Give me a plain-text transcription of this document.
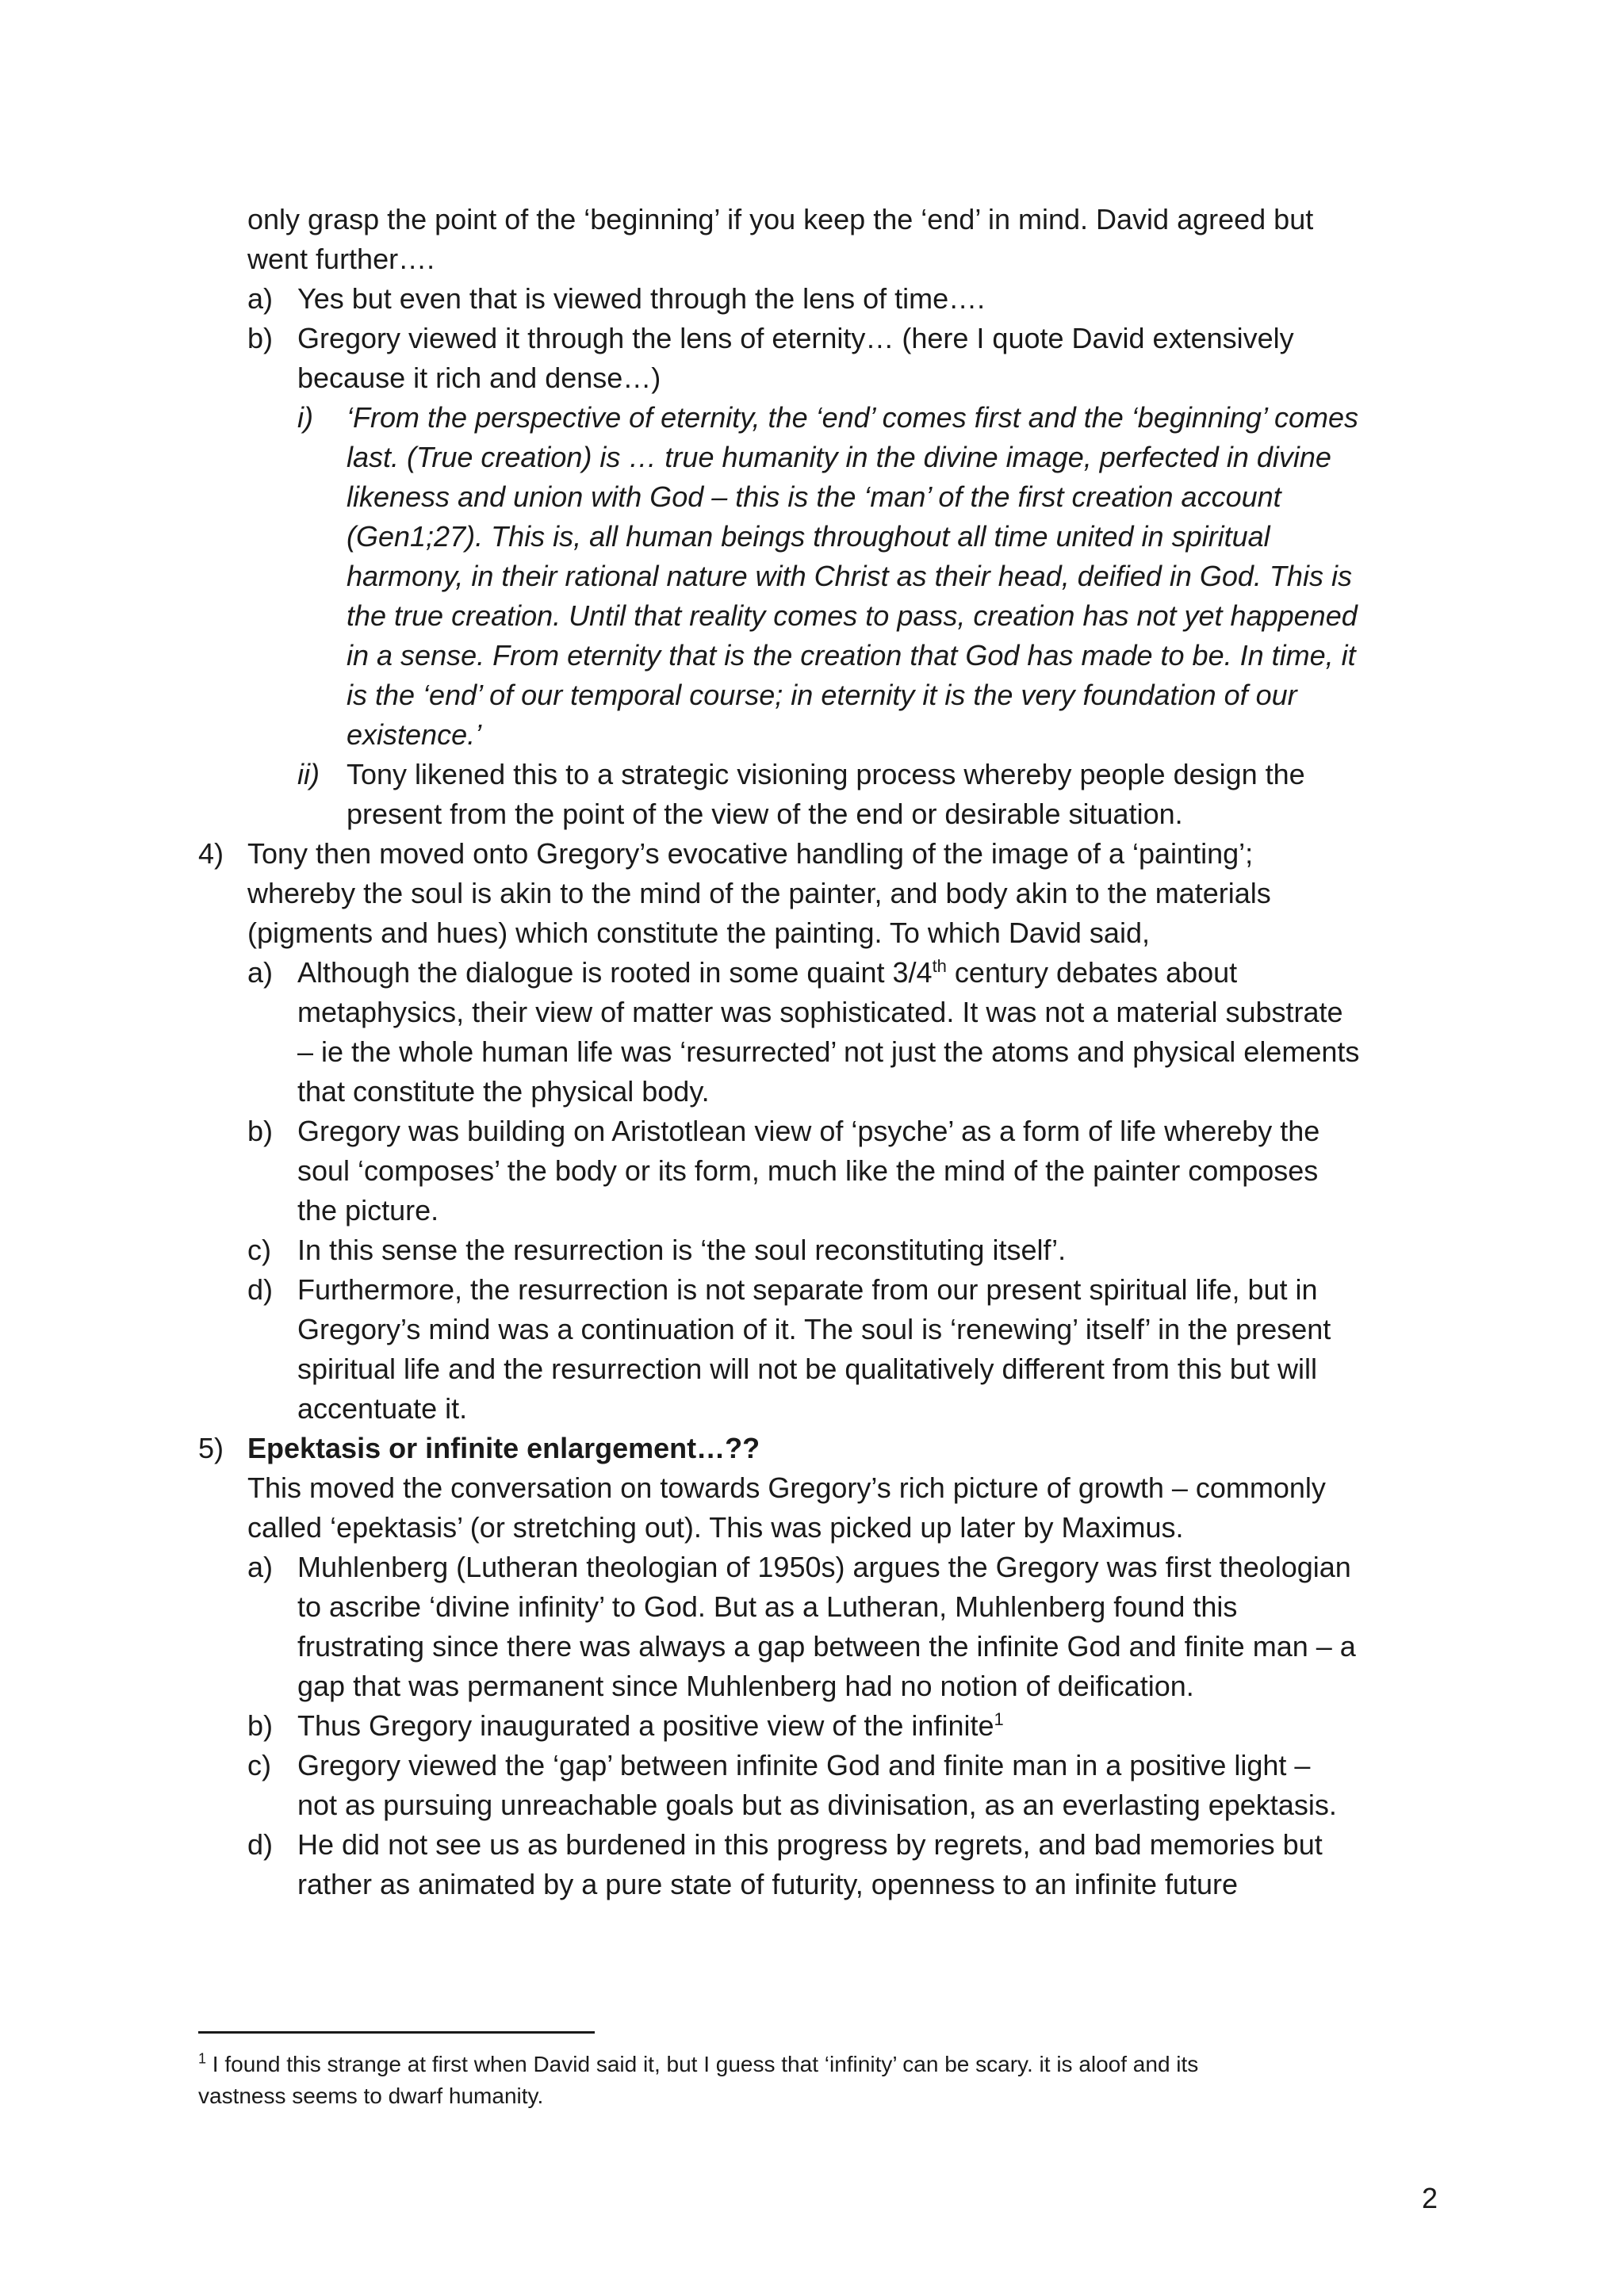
only grasp the point of the ‘beginning’ if you keep the ‘end’ in mind. David agreed but
went further….
a) Yes but even that is viewed through the lens of time….
b) Gregory viewed it through the lens of eternity… (here I quote David extensively
because it rich and dense…)
i) ‘From the perspective of eternity, the ‘end’ comes first and the ‘beginning’ comes
last. (True creation) is … true humanity in the divine image, perfected in divine
likeness and union with God – this is the ‘man’ of the first creation account
(Gen1;27). This is, all human beings throughout all time united in spiritual
harmony, in their rational nature with Christ as their head, deified in God. This is
the true creation. Until that reality comes to pass, creation has not yet happened
in a sense. From eternity that is the creation that God has made to be. In time, it
is the ‘end’ of our temporal course; in eternity it is the very foundation of our
existence.’
ii) Tony likened this to a strategic visioning process whereby people design the
present from the point of the view of the end or desirable situation.
4) Tony then moved onto Gregory’s evocative handling of the image of a ‘painting’;
whereby the soul is akin to the mind of the painter, and body akin to the materials
(pigments and hues) which constitute the painting. To which David said,
a) Although the dialogue is rooted in some quaint 3/4th century debates about
metaphysics, their view of matter was sophisticated. It was not a material substrate
– ie the whole human life was ‘resurrected’ not just the atoms and physical elements
that constitute the physical body.
b) Gregory was building on Aristotlean view of ‘psyche’ as a form of life whereby the
soul ‘composes’ the body or its form, much like the mind of the painter composes
the picture.
c) In this sense the resurrection is ‘the soul reconstituting itself’.
d) Furthermore, the resurrection is not separate from our present spiritual life, but in
Gregory’s mind was a continuation of it. The soul is ‘renewing’ itself’ in the present
spiritual life and the resurrection will not be qualitatively different from this but will
accentuate it.
5) Epektasis or infinite enlargement…??
This moved the conversation on towards Gregory’s rich picture of growth – commonly
called ‘epektasis’ (or stretching out). This was picked up later by Maximus.
a) Muhlenberg (Lutheran theologian of 1950s) argues the Gregory was first theologian
to ascribe ‘divine infinity’ to God. But as a Lutheran, Muhlenberg found this
frustrating since there was always a gap between the infinite God and finite man – a
gap that was permanent since Muhlenberg had no notion of deification.
b) Thus Gregory inaugurated a positive view of the infinite$^1$
c) Gregory viewed the ‘gap’ between infinite God and finite man in a positive light –
not as pursuing unreachable goals but as divinisation, as an everlasting epektasis.
d) He did not see us as burdened in this progress by regrets, and bad memories but
rather as animated by a pure state of futurity, openness to an infinite future
$^1$ I found this strange at first when David said it, but I guess that ‘infinity’ can be scary. it is aloof and its
vastness seems to dwarf humanity.
2
